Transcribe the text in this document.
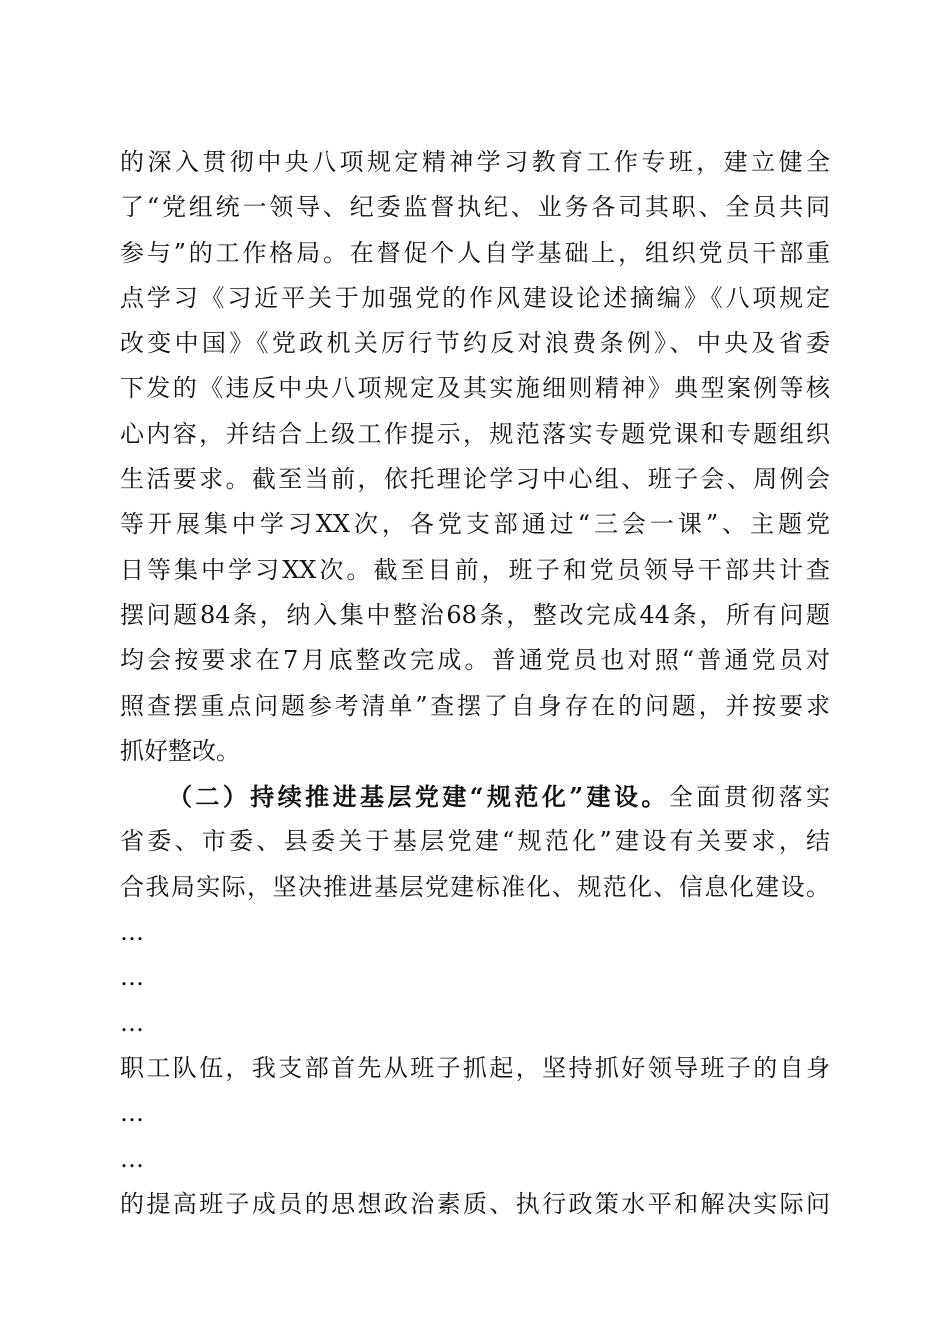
的深入贯彻中央八项规定精神学习教育工作专班，建立健全
了“党组统一领导、纪委监督执纪、业务各司其职、全员共同
参与”的工作格局。在督促个人自学基础上，组织党员干部重
点学习《习近平关于加强党的作风建设论述摘编》《八项规定
改变中国》《党政机关厉行节约反对浪费条例》、中央及省委
下发的《违反中央八项规定及其实施细则精神》典型案例等核
心内容，并结合上级工作提示，规范落实专题党课和专题组织
生活要求。截至当前，依托理论学习中心组、班子会、周例会
等开展集中学习XX次，各党支部通过“三会一课”、主题党
日等集中学习XX次。截至目前，班子和党员领导干部共计查
摆问题84条，纳入集中整治68条，整改完成44条，所有问题
均会按要求在7月底整改完成。普通党员也对照“普通党员对
照查摆重点问题参考清单”查摆了自身存在的问题，并按要求
抓好整改。
（二）持续推进基层党建“规范化”建设。全面贯彻落实
省委、市委、县委关于基层党建“规范化”建设有关要求，结
合我局实际，坚决推进基层党建标准化、规范化、信息化建设。
…
…
…
职工队伍，我支部首先从班子抓起，坚持抓好领导班子的自身
…
…
的提高班子成员的思想政治素质、执行政策水平和解决实际问
